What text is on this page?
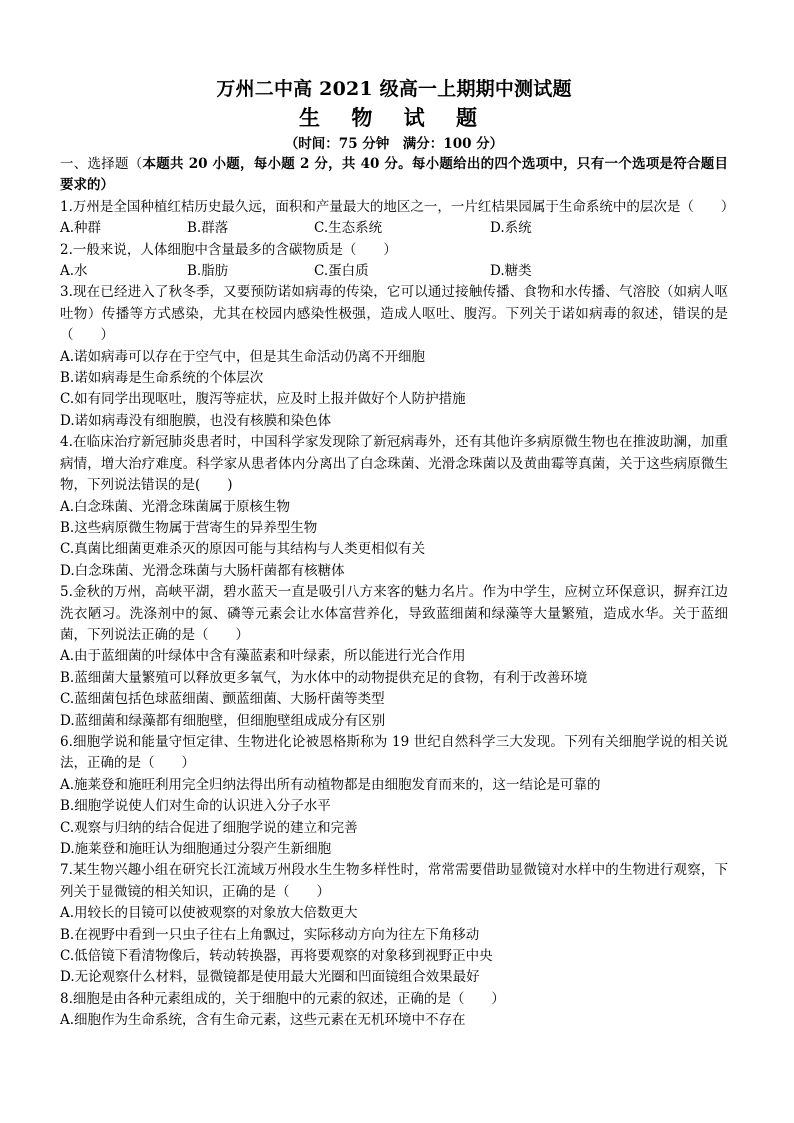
万州二中高 2021 级高一上期期中测试题
生 物 试 题
（时间：75 分钟　满分：100 分）
一、选择题（本题共 20 小题，每小题 2 分，共 40 分。每小题给出的四个选项中，只有一个选项是符合题目要求的）
1.万州是全国种植红桔历史最久远，面积和产量最大的地区之一，一片红桔果园属于生命系统中的层次是（　　）
A.种群	B.群落	C.生态系统	D.系统
2.一般来说，人体细胞中含量最多的含碳物质是（　　）
A.水	B.脂肪	C.蛋白质	D.糖类
3.现在已经进入了秋冬季，又要预防诺如病毒的传染，它可以通过接触传播、食物和水传播、气溶胶（如病人呕吐物）传播等方式感染，尤其在校园内感染性极强，造成人呕吐、腹泻。下列关于诺如病毒的叙述，错误的是（　　）
A.诺如病毒可以存在于空气中，但是其生命活动仍离不开细胞
B.诺如病毒是生命系统的个体层次
C.如有同学出现呕吐，腹泻等症状，应及时上报并做好个人防护措施
D.诺如病毒没有细胞膜，也没有核膜和染色体
4.在临床治疗新冠肺炎患者时，中国科学家发现除了新冠病毒外，还有其他许多病原微生物也在推波助澜，加重病情，增大治疗难度。科学家从患者体内分离出了白念珠菌、光滑念珠菌以及黄曲霉等真菌，关于这些病原微生物，下列说法错误的是(　　)
A.白念珠菌、光滑念珠菌属于原核生物
B.这些病原微生物属于营寄生的异养型生物
C.真菌比细菌更难杀灭的原因可能与其结构与人类更相似有关
D.白念珠菌、光滑念珠菌与大肠杆菌都有核糖体
5.金秋的万州，高峡平湖，碧水蓝天一直是吸引八方来客的魅力名片。作为中学生，应树立环保意识，摒弃江边洗衣陋习。洗涤剂中的氮、磷等元素会让水体富营养化，导致蓝细菌和绿藻等大量繁殖，造成水华。关于蓝细菌，下列说法正确的是（　　）
A.由于蓝细菌的叶绿体中含有藻蓝素和叶绿素，所以能进行光合作用
B.蓝细菌大量繁殖可以释放更多氧气，为水体中的动物提供充足的食物，有利于改善环境
C.蓝细菌包括色球蓝细菌、颤蓝细菌、大肠杆菌等类型
D.蓝细菌和绿藻都有细胞壁，但细胞壁组成成分有区别
6.细胞学说和能量守恒定律、生物进化论被恩格斯称为 19 世纪自然科学三大发现。下列有关细胞学说的相关说法，正确的是（　　）
A.施莱登和施旺利用完全归纳法得出所有动植物都是由细胞发育而来的，这一结论是可靠的
B.细胞学说使人们对生命的认识进入分子水平
C.观察与归纳的结合促进了细胞学说的建立和完善
D.施莱登和施旺认为细胞通过分裂产生新细胞
7.某生物兴趣小组在研究长江流域万州段水生生物多样性时，常常需要借助显微镜对水样中的生物进行观察，下列关于显微镜的相关知识，正确的是（　　）
A.用较长的目镜可以使被观察的对象放大倍数更大
B.在视野中看到一只虫子往右上角飘过，实际移动方向为往左下角移动
C.低倍镜下看清物像后，转动转换器，再将要观察的对象移到视野正中央
D.无论观察什么材料，显微镜都是使用最大光圈和凹面镜组合效果最好
8.细胞是由各种元素组成的，关于细胞中的元素的叙述，正确的是（　　）
A.细胞作为生命系统，含有生命元素，这些元素在无机环境中不存在
